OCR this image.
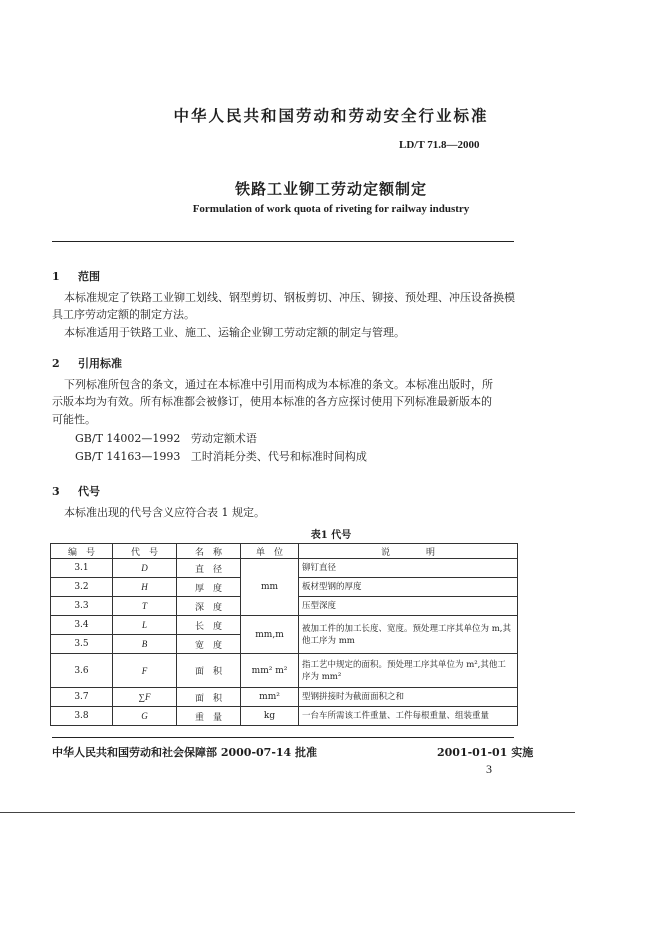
中华人民共和国劳动和劳动安全行业标准
LD/T 71.8—2000
铁路工业铆工劳动定额制定
Formulation of work quota of riveting for railway industry
1 范围
本标准规定了铁路工业铆工划线、钢型剪切、钢板剪切、冲压、铆接、预处理、冲压设备换模
具工序劳动定额的制定方法。
本标准适用于铁路工业、施工、运输企业铆工劳动定额的制定与管理。
2 引用标准
下列标准所包含的条文，通过在本标准中引用而构成为本标准的条文。本标准出版时，所
示版本均为有效。所有标准都会被修订，使用本标准的各方应探讨使用下列标准最新版本的
可能性。
GB/T 14002—1992 劳动定额术语
GB/T 14163—1993 工时消耗分类、代号和标准时间构成
3 代号
本标准出现的代号含义应符合表 1 规定。
表1 代号
编　号	代　号	名　称	单　位	说　　　　明
3.1	D	直　径	mm	铆钉直径
3.2	H	厚　度		板材型钢的厚度
3.3	T	深　度		压型深度
3.4	L	长　度	mm,m	被加工件的加工长度、宽度。预处理工序其单位为 m,其他工序为 mm
3.5	B	宽　度		
3.6	F	面　积	mm² m²	指工艺中规定的面积。预处理工序其单位为 m²,其他工序为 mm²
3.7	∑F	面　积	mm²	型钢拼接时为截面面积之和
3.8	G	重　量	kg	一台车所需该工件重量、工件每根重量、组装重量
中华人民共和国劳动和社会保障部 2000-07-14 批准	2001-01-01 实施
3
